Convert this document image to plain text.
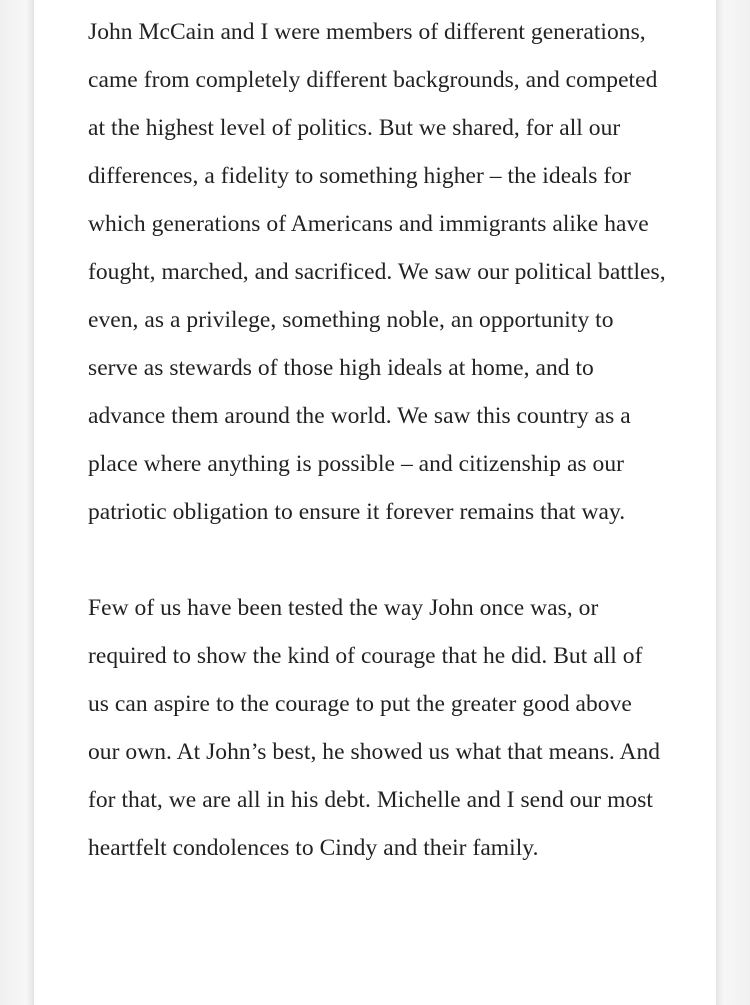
John McCain and I were members of different generations, came from completely different backgrounds, and competed at the highest level of politics. But we shared, for all our differences, a fidelity to something higher – the ideals for which generations of Americans and immigrants alike have fought, marched, and sacrificed. We saw our political battles, even, as a privilege, something noble, an opportunity to serve as stewards of those high ideals at home, and to advance them around the world. We saw this country as a place where anything is possible – and citizenship as our patriotic obligation to ensure it forever remains that way.

Few of us have been tested the way John once was, or required to show the kind of courage that he did. But all of us can aspire to the courage to put the greater good above our own. At John’s best, he showed us what that means. And for that, we are all in his debt. Michelle and I send our most heartfelt condolences to Cindy and their family.
